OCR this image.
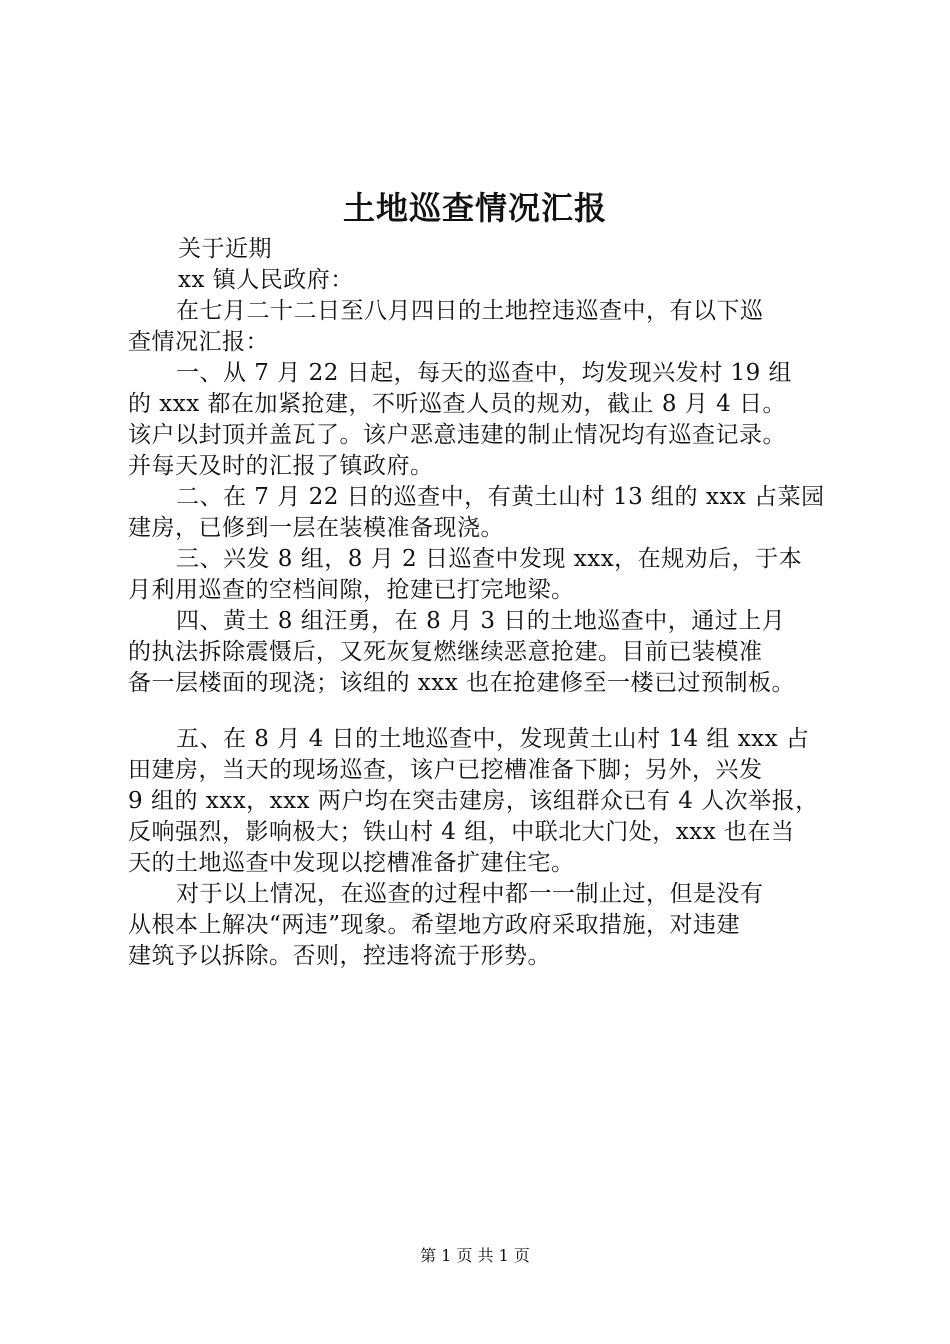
土地巡查情况汇报
关于近期
xx 镇人民政府：
在七月二十二日至八月四日的土地控违巡查中，有以下巡
查情况汇报：
一、从 7 月 22 日起，每天的巡查中，均发现兴发村 19 组
的 xxx 都在加紧抢建，不听巡查人员的规劝，截止 8 月 4 日。
该户以封顶并盖瓦了。该户恶意违建的制止情况均有巡查记录。
并每天及时的汇报了镇政府。
二、在 7 月 22 日的巡查中，有黄土山村 13 组的 xxx 占菜园
建房，已修到一层在装模准备现浇。
三、兴发 8 组，8 月 2 日巡查中发现 xxx，在规劝后，于本
月利用巡查的空档间隙，抢建已打完地梁。
四、黄土 8 组汪勇，在 8 月 3 日的土地巡查中，通过上月
的执法拆除震慑后，又死灰复燃继续恶意抢建。目前已装模准
备一层楼面的现浇；该组的 xxx 也在抢建修至一楼已过预制板。
五、在 8 月 4 日的土地巡查中，发现黄土山村 14 组 xxx 占
田建房，当天的现场巡查，该户已挖槽准备下脚；另外，兴发
9 组的 xxx，xxx 两户均在突击建房，该组群众已有 4 人次举报，
反响强烈，影响极大；铁山村 4 组，中联北大门处，xxx 也在当
天的土地巡查中发现以挖槽准备扩建住宅。
对于以上情况，在巡查的过程中都一一制止过，但是没有
从根本上解决“两违”现象。希望地方政府采取措施，对违建
建筑予以拆除。否则，控违将流于形势。
第 1 页 共 1 页
